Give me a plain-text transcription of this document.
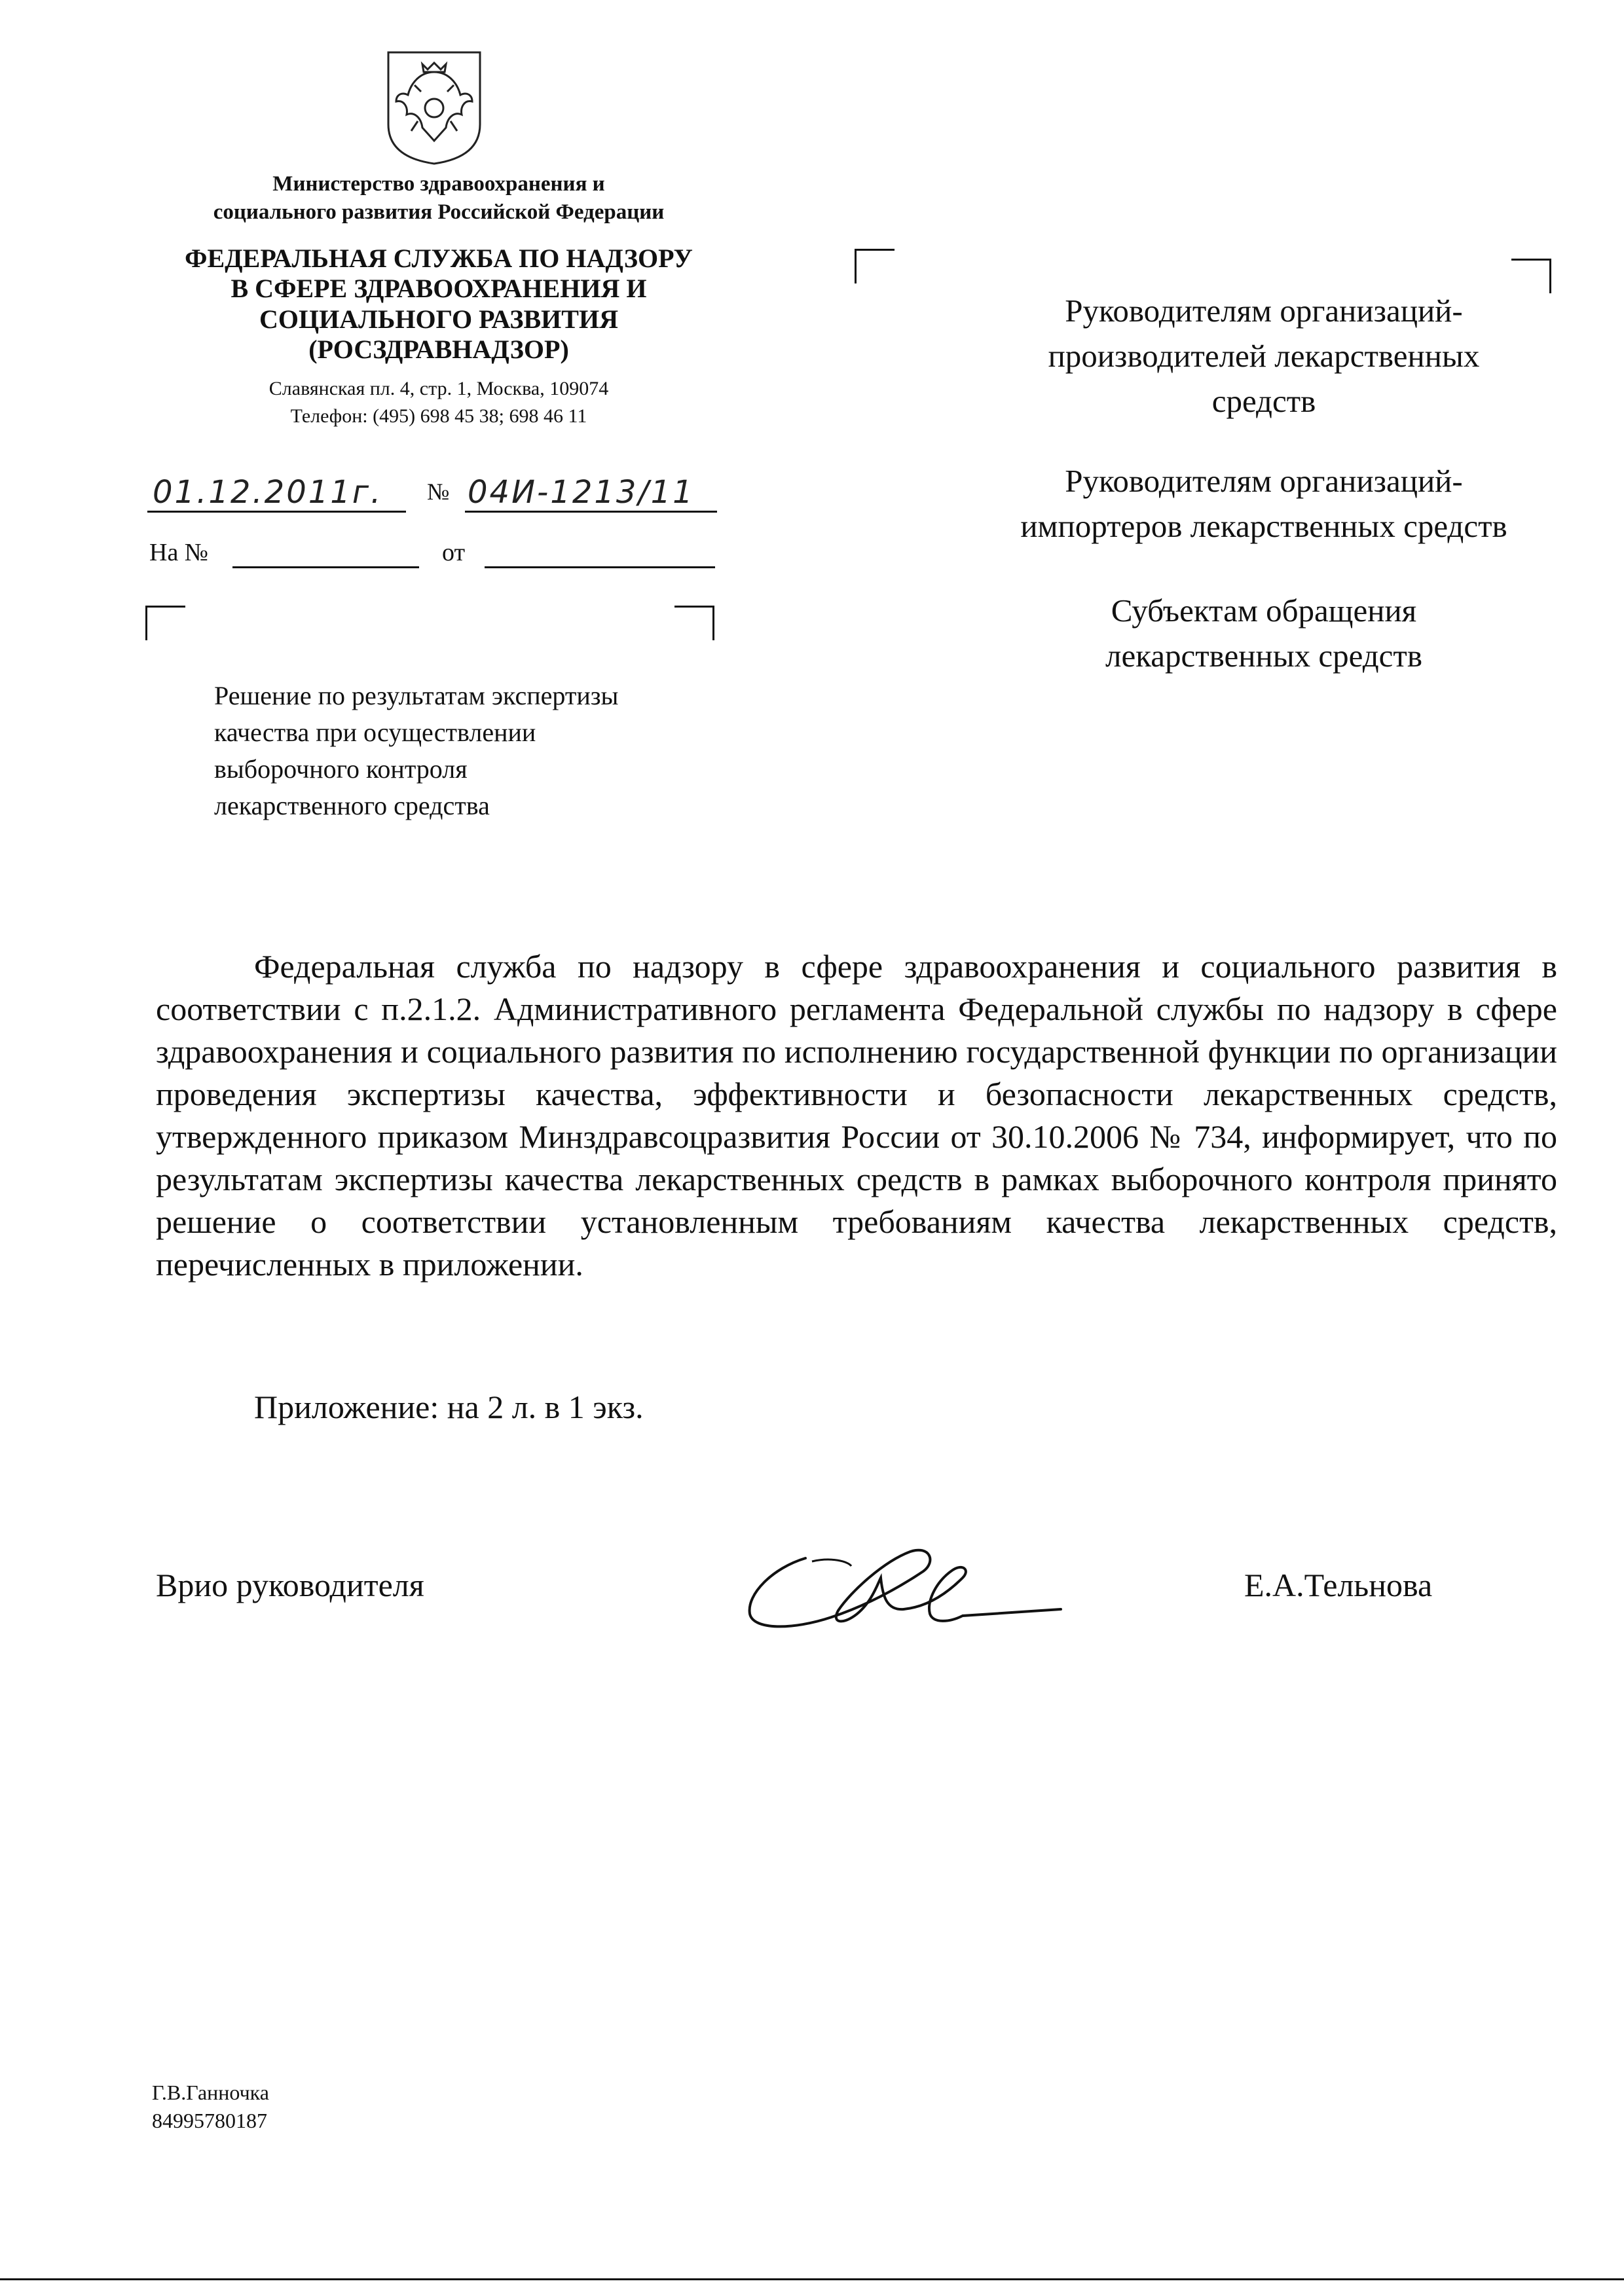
Министерство здравоохранения и
социального развития Российской Федерации
ФЕДЕРАЛЬНАЯ СЛУЖБА ПО НАДЗОРУ
В СФЕРЕ ЗДРАВООХРАНЕНИЯ И
СОЦИАЛЬНОГО РАЗВИТИЯ
(РОСЗДРАВНАДЗОР)
Славянская пл. 4, стр. 1, Москва, 109074
Телефон: (495) 698 45 38; 698 46 11
01.12.2011г. № 04И-1213/11
На №	от
Решение по результатам экспертизы
качества при осуществлении
выборочного контроля
лекарственного средства
Руководителям организаций-
производителей лекарственных
средств
Руководителям организаций-
импортеров лекарственных средств
Субъектам обращения
лекарственных средств

Федеральная служба по надзору в сфере здравоохранения и социального развития в соответствии с п.2.1.2. Административного регламента Федеральной службы по надзору в сфере здравоохранения и социального развития по исполнению государственной функции по организации проведения экспертизы качества, эффективности и безопасности лекарственных средств, утвержденного приказом Минздравсоцразвития России от 30.10.2006 № 734, информирует, что по результатам экспертизы качества лекарственных средств в рамках выборочного контроля принято решение о соответствии установленным требованиям качества лекарственных средств, перечисленных в приложении.

Приложение: на 2 л. в 1 экз.
Врио руководителя	Е.А.Тельнова
Г.В.Ганночка
84995780187
